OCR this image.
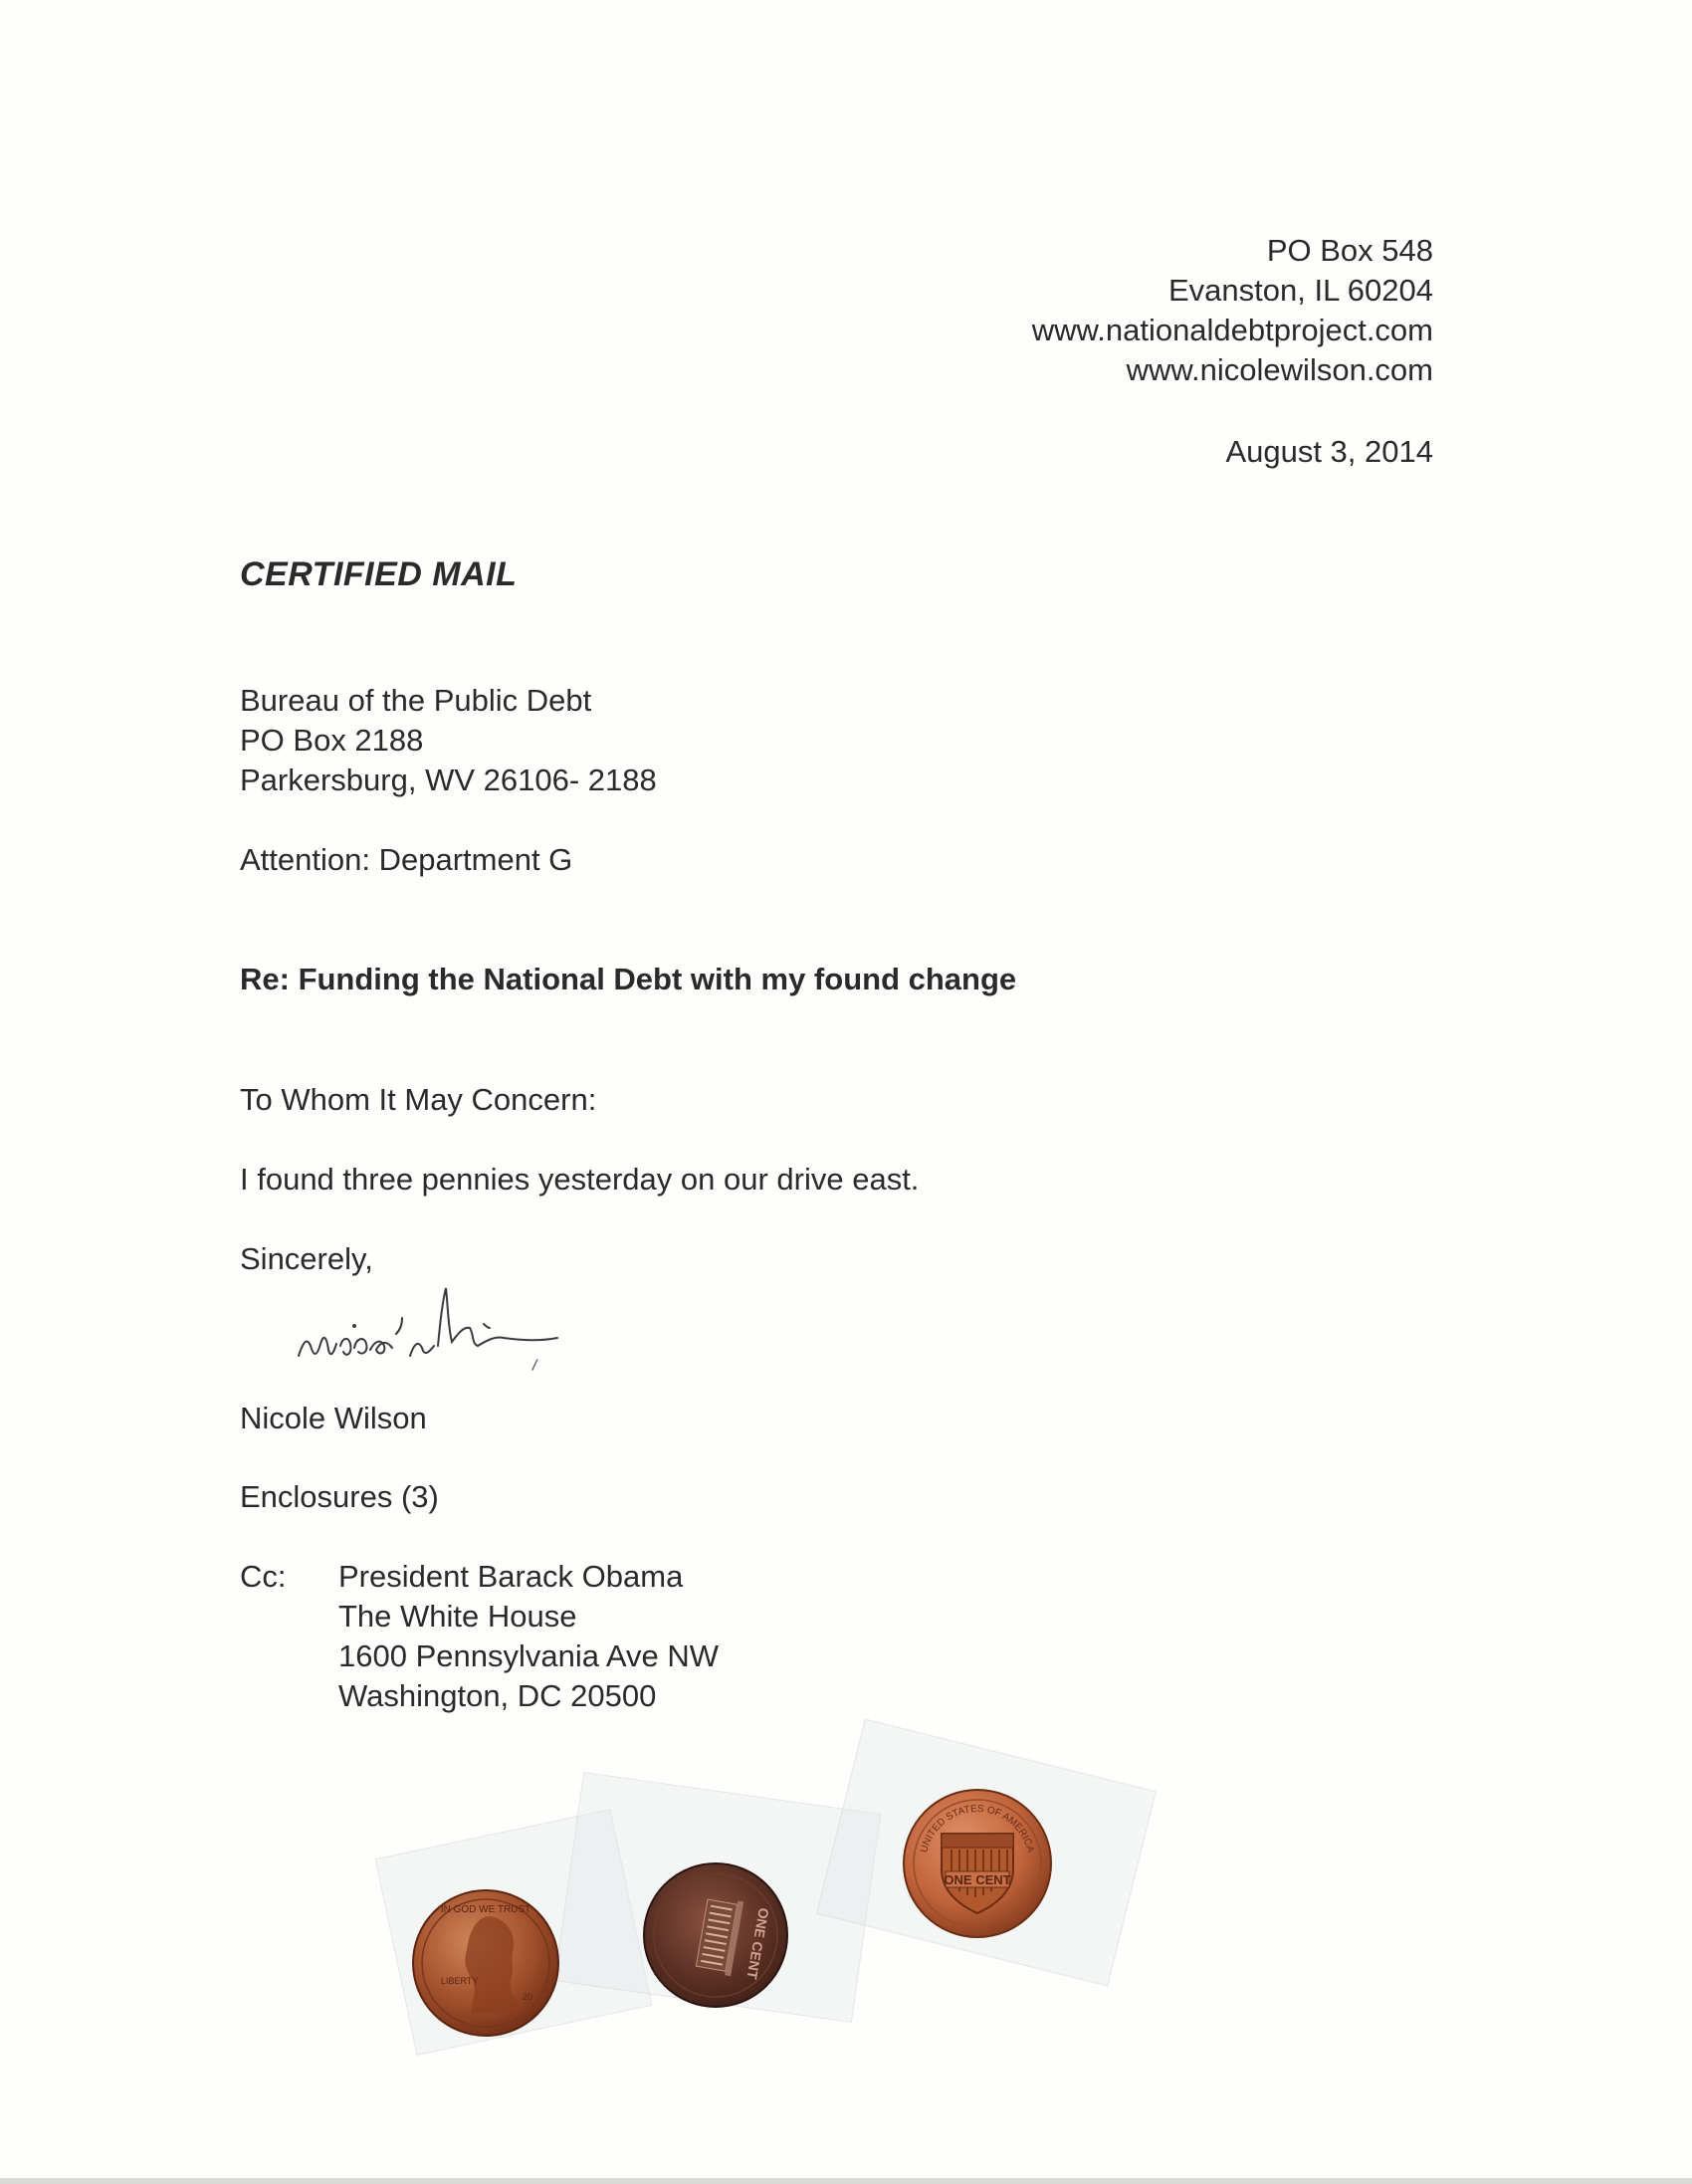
PO Box 548
Evanston, IL 60204
www.nationaldebtproject.com
www.nicolewilson.com
August 3, 2014
CERTIFIED MAIL
Bureau of the Public Debt
PO Box 2188
Parkersburg, WV 26106- 2188
Attention: Department G
Re: Funding the National Debt with my found change
To Whom It May Concern:
I found three pennies yesterday on our drive east.
Sincerely,
Nicole Wilson
Enclosures (3)
Cc: President Barack Obama
The White House
1600 Pennsylvania Ave NW
Washington, DC 20500
IN GOD WE TRUST
LIBERTY
20
ONE CENT
UNITED STATES OF AMERICA
ONE CENT
